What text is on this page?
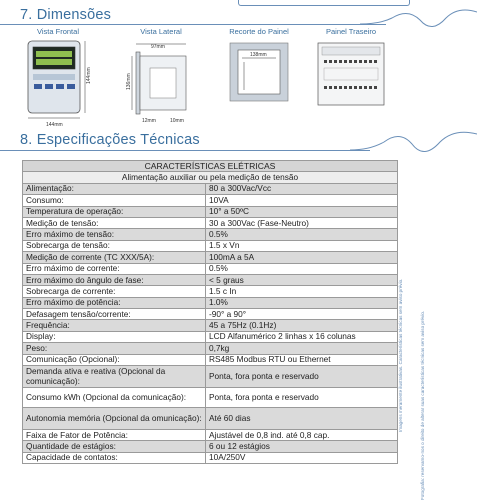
7. Dimensões
Vista Frontal
144mm
144mm
Vista Lateral
97mm
136mm
12mm	10mm
Recorte do Painel
138mm
Painel Traseiro
8. Especificações Técnicas
CARACTERÍSTICAS ELÉTRICAS	
Alimentação auxiliar ou pela medição de tensão	
Alimentação:	80 a 300Vac/Vcc
Consumo:	10VA
Temperatura de operação:	10° a 50ºC
Medição de tensão:	30 a 300Vac (Fase-Neutro)
Erro máximo de tensão:	0.5%
Sobrecarga de tensão:	1.5 x Vn
Medição de corrente (TC XXX/5A):	100mA a 5A
Erro máximo de corrente:	0.5%
Erro máximo do ângulo de fase:	< 5 graus
Sobrecarga de corrente:	1.5 c In
Erro máximo de potência:	1.0%
Defasagem tensão/corrente:	-90° a 90°
Frequência:	45 a 75Hz (0.1Hz)
Display:	LCD Alfanumérico 2 linhas x 16 colunas
Peso:	0,7kg
Comunicação (Opcional):	RS485 Modbus RTU ou Ethernet
Demanda ativa e reativa (Opcional da comunicação):	Ponta, fora ponta e reservado
Consumo kWh (Opcional da comunicação):	Ponta, fora ponta e reservado
Autonomia memória (Opcional da omunicação):	Até 60 dias
Faixa de Fator de Potência:	Ajustável de 0,8 ind. até 0,8 cap.
Quantidade de estágios:	6 ou 12 estágios
Capacidade de contatos:	10A/250V
Imagens meramente ilustrativas. Características técnicas sem aviso prévio.	Fotografia: reservamo-nos o direito de alterar suas características técnicas sem aviso prévio.
